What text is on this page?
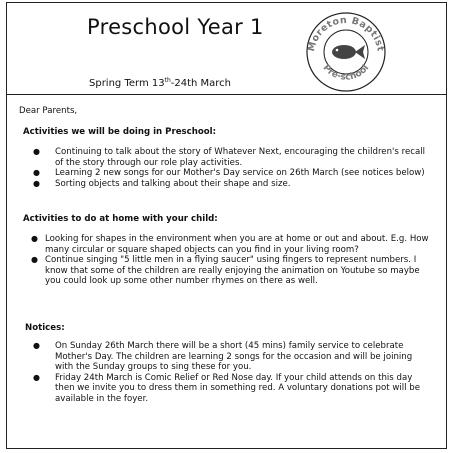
Preschool Year 1
Spring Term 13th-24th March
Moreton Baptist
Pre-school
Dear Parents,
Activities we will be doing in Preschool:
● Continuing to talk about the story of Whatever Next, encouraging the children's recall of the story through our role play activities.
● Learning 2 new songs for our Mother's Day service on 26th March (see notices below)
● Sorting objects and talking about their shape and size.
Activities to do at home with your child:
● Looking for shapes in the environment when you are at home or out and about. E.g. How many circular or square shaped objects can you find in your living room?
● Continue singing "5 little men in a flying saucer" using fingers to represent numbers. I know that some of the children are really enjoying the animation on Youtube so maybe you could look up some other number rhymes on there as well.
Notices:
● On Sunday 26th March there will be a short (45 mins) family service to celebrate Mother's Day. The children are learning 2 songs for the occasion and will be joining with the Sunday groups to sing these for you.
● Friday 24th March is Comic Relief or Red Nose day. If your child attends on this day then we invite you to dress them in something red. A voluntary donations pot will be available in the foyer.
